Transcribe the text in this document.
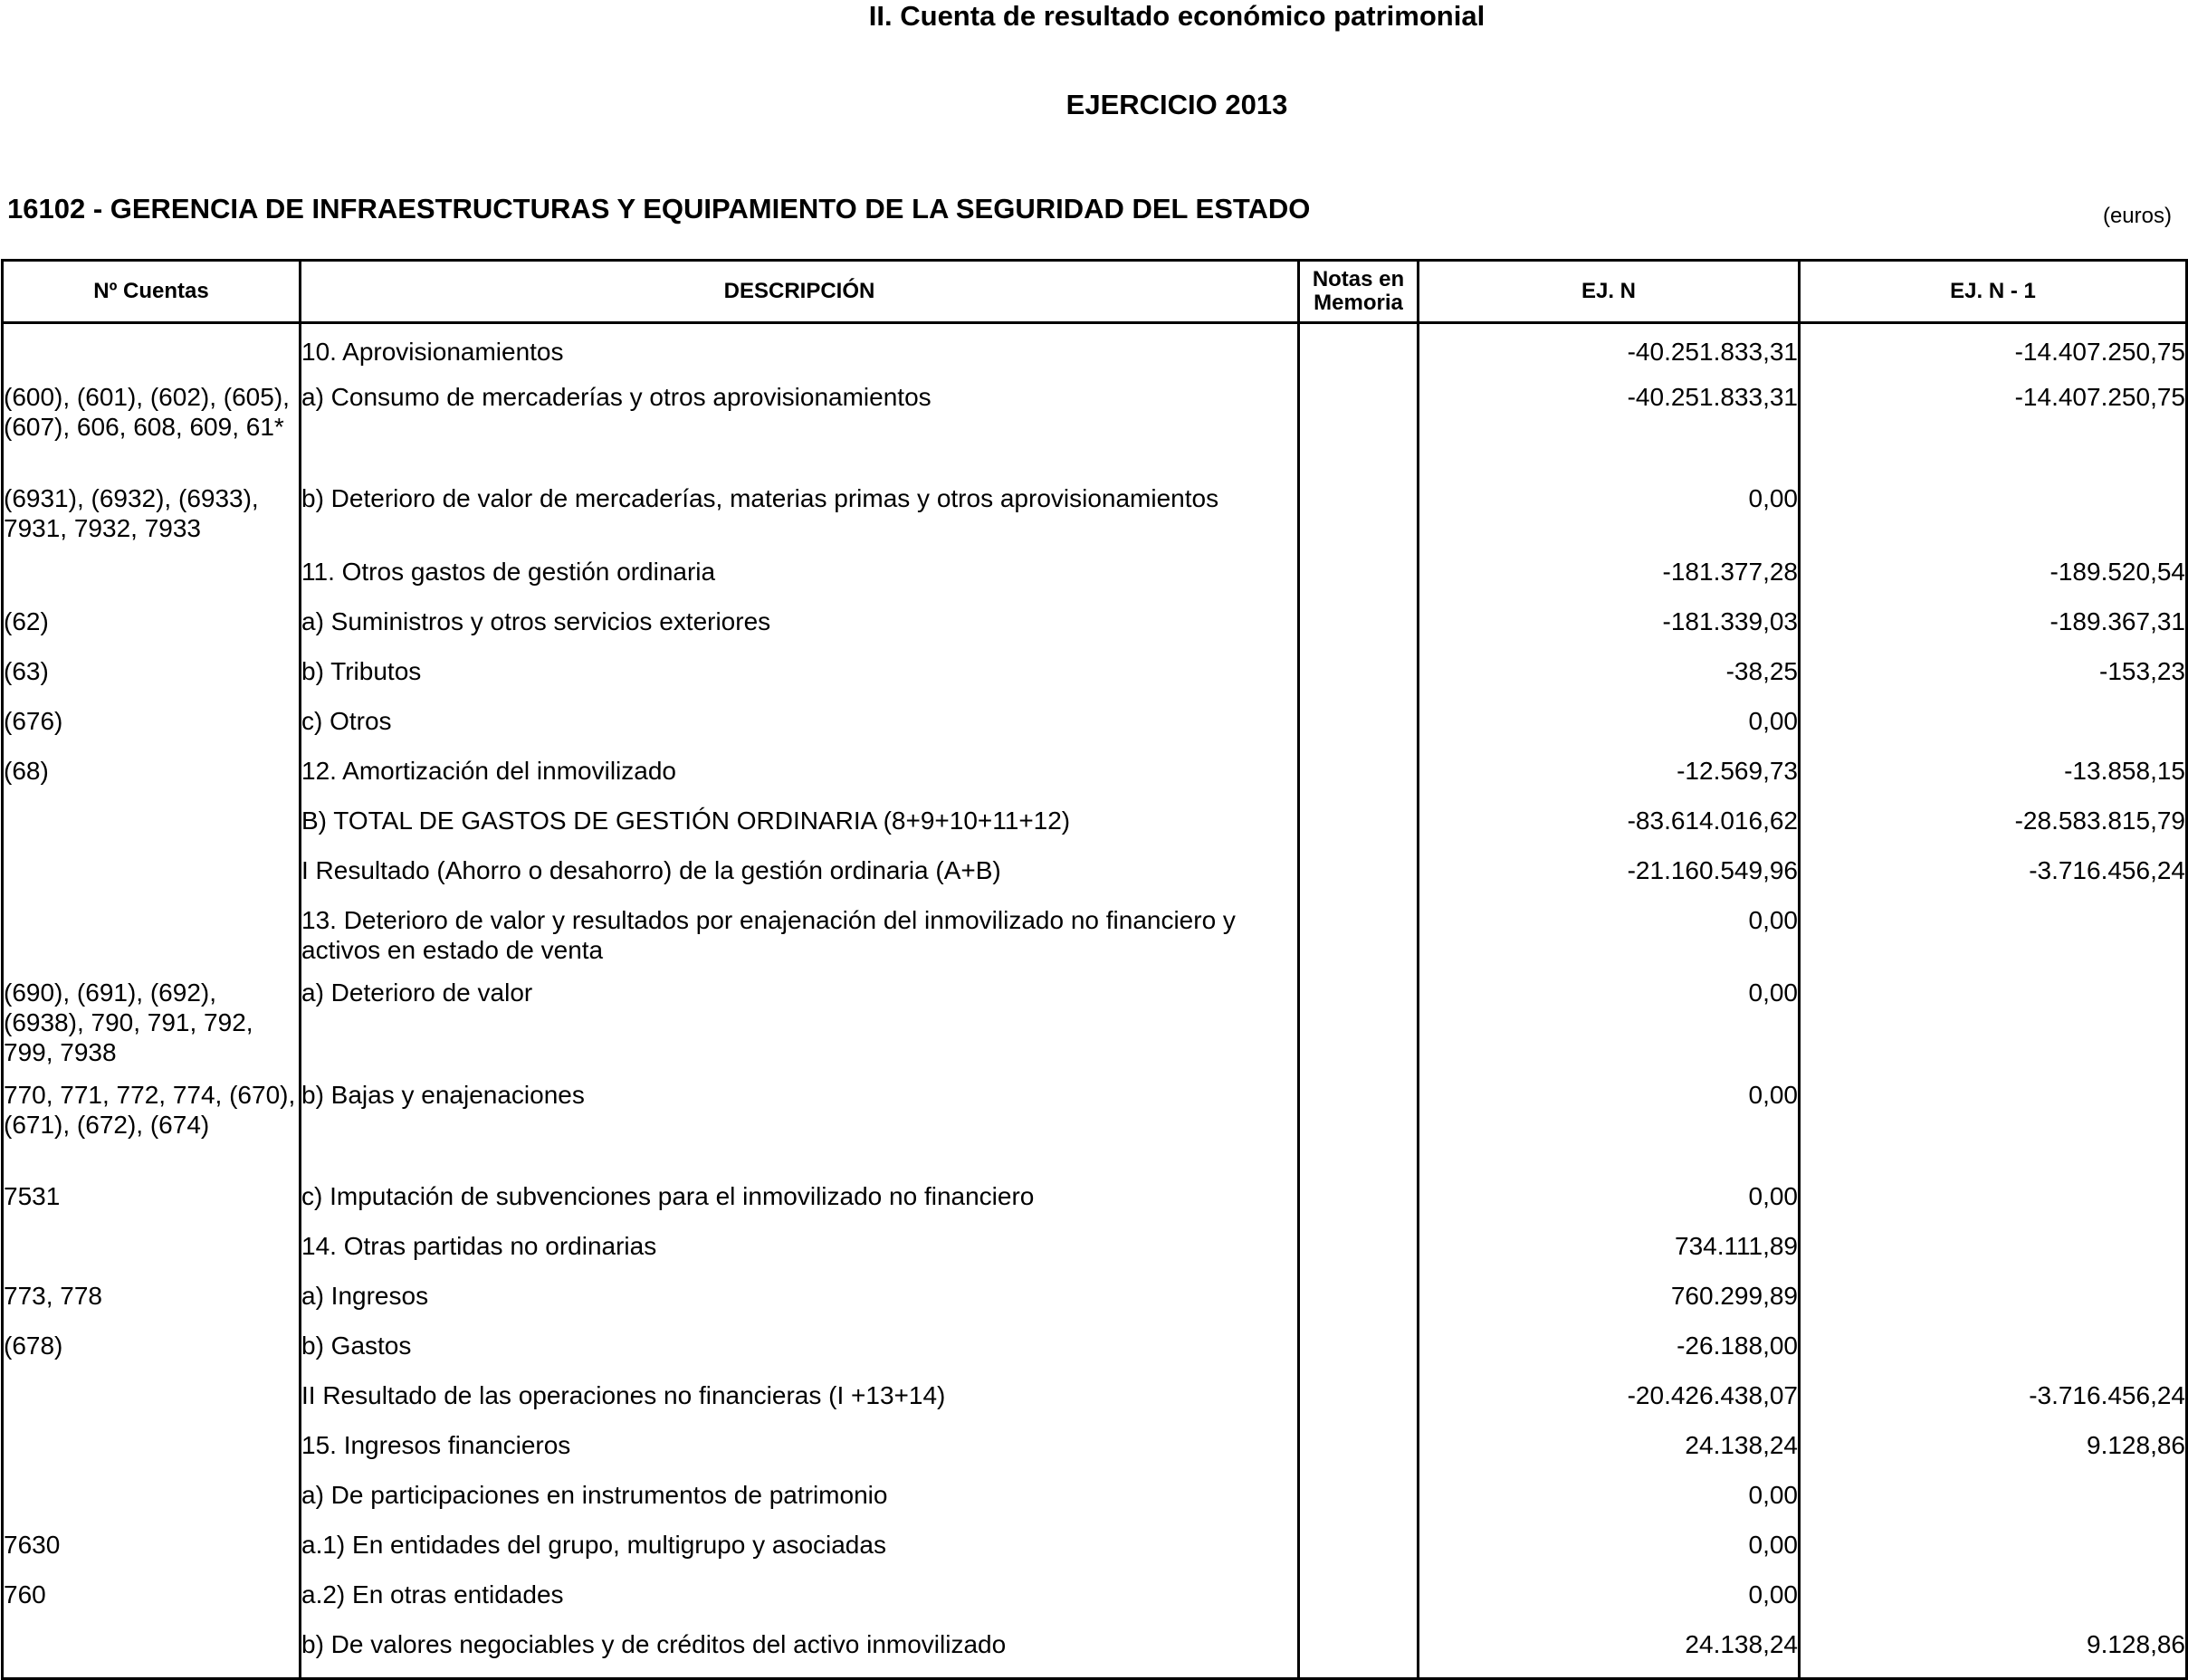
II. Cuenta de resultado económico patrimonial
EJERCICIO 2013
16102 - GERENCIA DE INFRAESTRUCTURAS Y EQUIPAMIENTO DE LA SEGURIDAD DEL ESTADO	(euros)
Nº Cuentas	DESCRIPCIÓN	Notas en Memoria	EJ. N	EJ. N - 1
	10. Aprovisionamientos		-40.251.833,31	-14.407.250,75
(600), (601), (602), (605), (607), 606, 608, 609, 61*	a) Consumo de mercaderías y otros aprovisionamientos		-40.251.833,31	-14.407.250,75
(6931), (6932), (6933), 7931, 7932, 7933	b) Deterioro de valor de mercaderías, materias primas y otros aprovisionamientos		0,00	
	11. Otros gastos de gestión ordinaria		-181.377,28	-189.520,54
(62)	a) Suministros y otros servicios exteriores		-181.339,03	-189.367,31
(63)	b) Tributos		-38,25	-153,23
(676)	c) Otros		0,00	
(68)	12. Amortización del inmovilizado		-12.569,73	-13.858,15
	B) TOTAL DE GASTOS DE GESTIÓN ORDINARIA (8+9+10+11+12)		-83.614.016,62	-28.583.815,79
	I Resultado (Ahorro o desahorro) de la gestión ordinaria (A+B)		-21.160.549,96	-3.716.456,24
	13. Deterioro de valor y resultados por enajenación del inmovilizado no financiero y activos en estado de venta		0,00	
(690), (691), (692), (6938), 790, 791, 792, 799, 7938	a) Deterioro de valor		0,00	
770, 771, 772, 774, (670), (671), (672), (674)	b) Bajas y enajenaciones		0,00	
7531	c) Imputación de subvenciones para el inmovilizado no financiero		0,00	
	14. Otras partidas no ordinarias		734.111,89	
773, 778	a) Ingresos		760.299,89	
(678)	b) Gastos		-26.188,00	
	II Resultado de las operaciones no financieras (I +13+14)		-20.426.438,07	-3.716.456,24
	15. Ingresos financieros		24.138,24	9.128,86
	a) De participaciones en instrumentos de patrimonio		0,00	
7630	a.1) En entidades del grupo, multigrupo y asociadas		0,00	
760	a.2) En otras entidades		0,00	
	b) De valores negociables y de créditos del activo inmovilizado		24.138,24	9.128,86
